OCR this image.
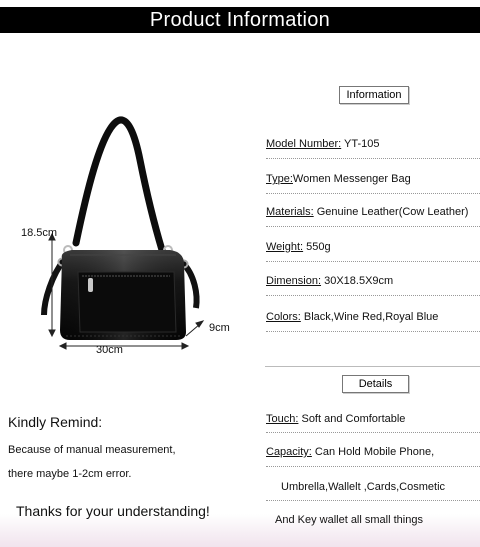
Product Information
18.5cm
30cm
9cm
Information
Model Number: YT-105
Type:Women Messenger Bag
Materials: Genuine Leather(Cow Leather)
Weight: 550g
Dimension: 30X18.5X9cm
Colors: Black,Wine Red,Royal Blue
Details
Touch: Soft and Comfortable
Capacity: Can Hold Mobile Phone,
Umbrella,Wallelt ,Cards,Cosmetic
And Key wallet all small things
Kindly Remind:
Because of manual measurement,
there maybe 1-2cm error.
Thanks for your understanding!
